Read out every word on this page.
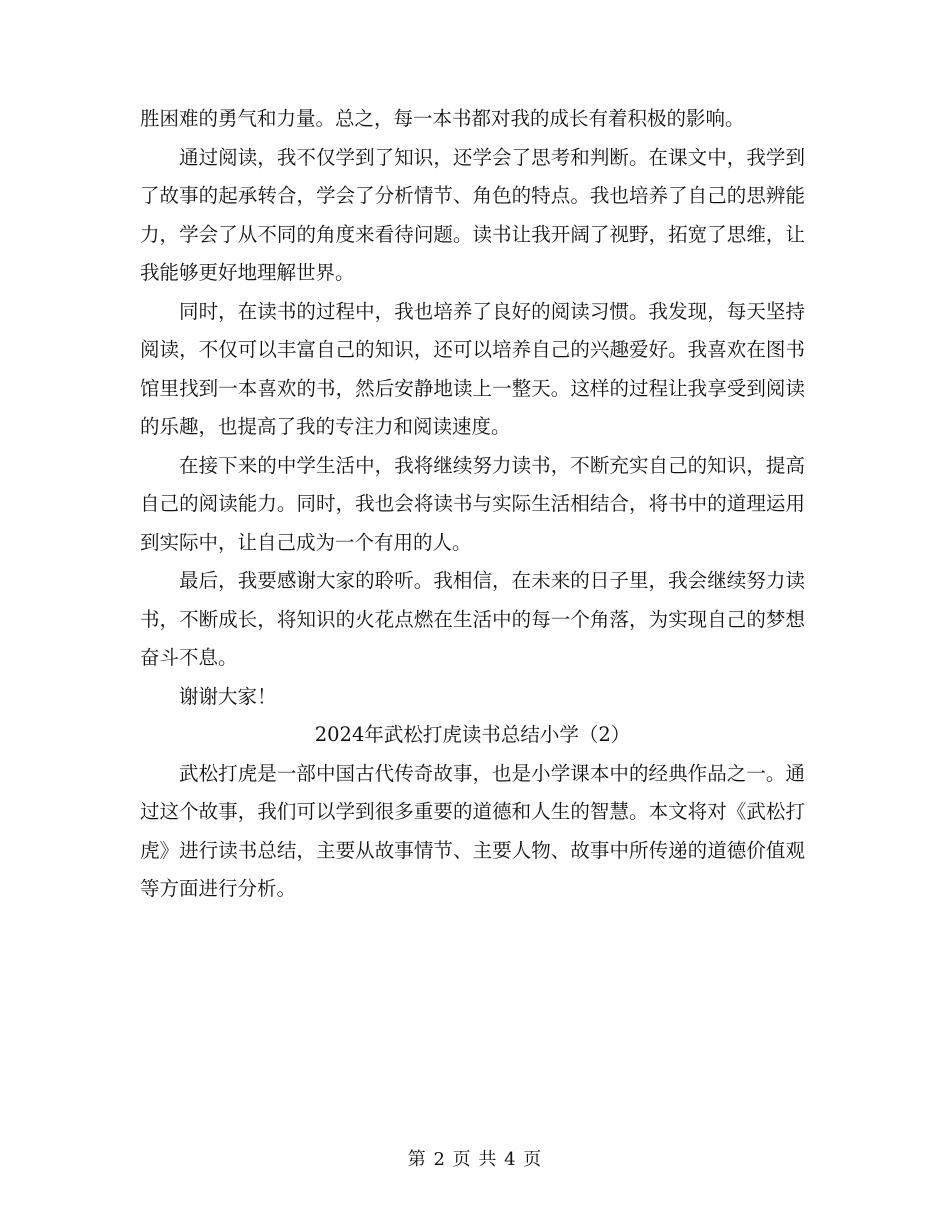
胜困难的勇气和力量。总之，每一本书都对我的成长有着积极的影响。

通过阅读，我不仅学到了知识，还学会了思考和判断。在课文中，我学到了故事的起承转合，学会了分析情节、角色的特点。我也培养了自己的思辨能力，学会了从不同的角度来看待问题。读书让我开阔了视野，拓宽了思维，让我能够更好地理解世界。

同时，在读书的过程中，我也培养了良好的阅读习惯。我发现，每天坚持阅读，不仅可以丰富自己的知识，还可以培养自己的兴趣爱好。我喜欢在图书馆里找到一本喜欢的书，然后安静地读上一整天。这样的过程让我享受到阅读的乐趣，也提高了我的专注力和阅读速度。

在接下来的中学生活中，我将继续努力读书，不断充实自己的知识，提高自己的阅读能力。同时，我也会将读书与实际生活相结合，将书中的道理运用到实际中，让自己成为一个有用的人。

最后，我要感谢大家的聆听。我相信，在未来的日子里，我会继续努力读书，不断成长，将知识的火花点燃在生活中的每一个角落，为实现自己的梦想奋斗不息。

谢谢大家！

2024年武松打虎读书总结小学（2）

武松打虎是一部中国古代传奇故事，也是小学课本中的经典作品之一。通过这个故事，我们可以学到很多重要的道德和人生的智慧。本文将对《武松打虎》进行读书总结，主要从故事情节、主要人物、故事中所传递的道德价值观等方面进行分析。

第 2 页 共 4 页
